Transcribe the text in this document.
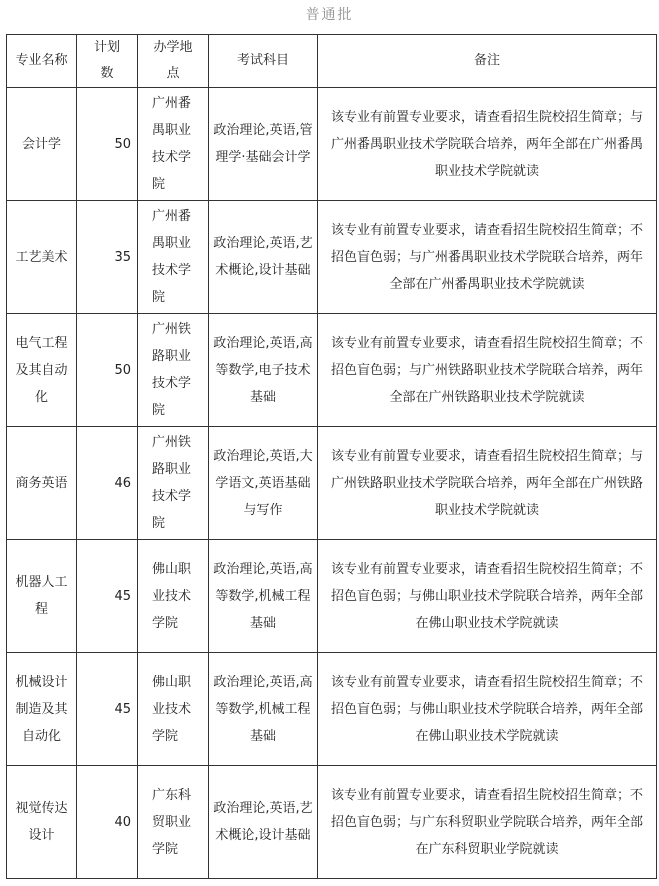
普通批
专业名称	计划数	办学地点	考试科目	备注
会计学	50	广州番禺职业技术学院	政治理论,英语,管理学·基础会计学	该专业有前置专业要求，请查看招生院校招生简章；与广州番禺职业技术学院联合培养，两年全部在广州番禺职业技术学院就读
工艺美术	35	广州番禺职业技术学院	政治理论,英语,艺术概论,设计基础	该专业有前置专业要求，请查看招生院校招生简章；不招色盲色弱；与广州番禺职业技术学院联合培养，两年全部在广州番禺职业技术学院就读
电气工程及其自动化	50	广州铁路职业技术学院	政治理论,英语,高等数学,电子技术基础	该专业有前置专业要求，请查看招生院校招生简章；不招色盲色弱；与广州铁路职业技术学院联合培养，两年全部在广州铁路职业技术学院就读
商务英语	46	广州铁路职业技术学院	政治理论,英语,大学语文,英语基础与写作	该专业有前置专业要求，请查看招生院校招生简章；与广州铁路职业技术学院联合培养，两年全部在广州铁路职业技术学院就读
机器人工程	45	佛山职业技术学院	政治理论,英语,高等数学,机械工程基础	该专业有前置专业要求，请查看招生院校招生简章；不招色盲色弱；与佛山职业技术学院联合培养，两年全部在佛山职业技术学院就读
机械设计制造及其自动化	45	佛山职业技术学院	政治理论,英语,高等数学,机械工程基础	该专业有前置专业要求，请查看招生院校招生简章；不招色盲色弱；与佛山职业技术学院联合培养，两年全部在佛山职业技术学院就读
视觉传达设计	40	广东科贸职业学院	政治理论,英语,艺术概论,设计基础	该专业有前置专业要求，请查看招生院校招生简章；不招色盲色弱；与广东科贸职业学院联合培养，两年全部在广东科贸职业学院就读
